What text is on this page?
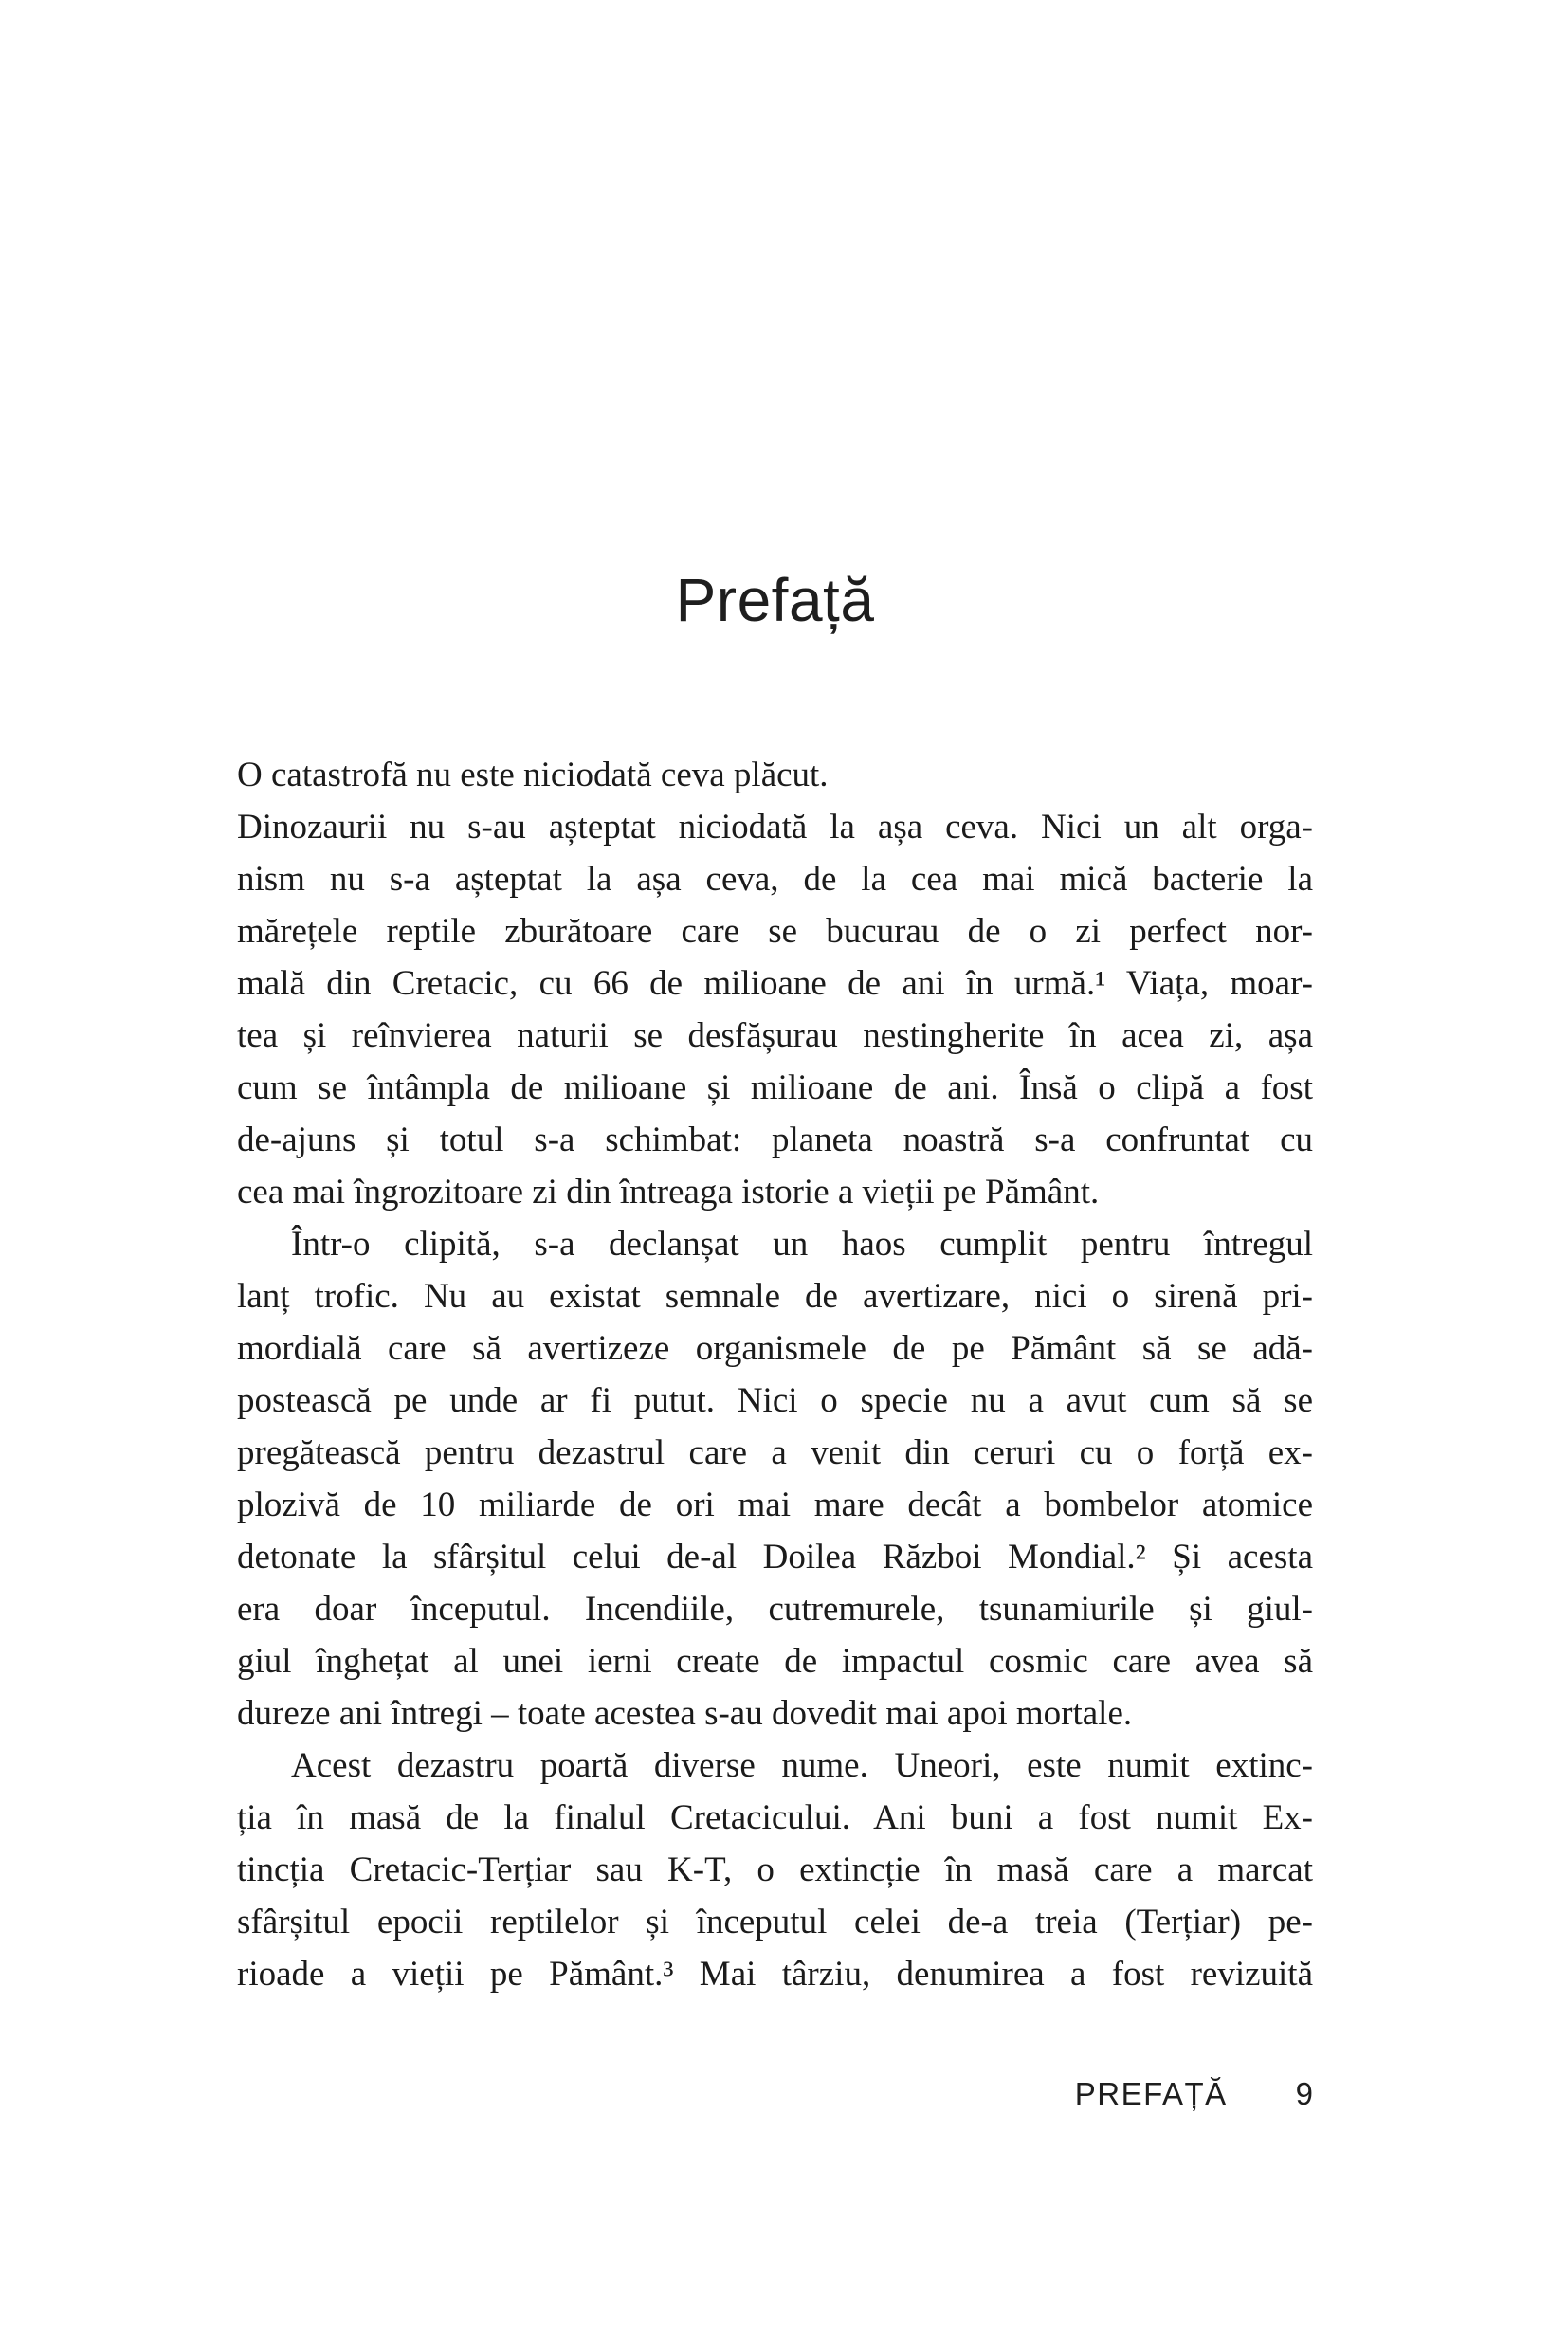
Prefață
O catastrofă nu este niciodată ceva plăcut.
Dinozaurii nu s-au așteptat niciodată la așa ceva. Nici un alt orga-
nism nu s-a așteptat la așa ceva, de la cea mai mică bacterie la
mărețele reptile zburătoare care se bucurau de o zi perfect nor-
mală din Cretacic, cu 66 de milioane de ani în urmă.¹ Viața, moar-
tea și reînvierea naturii se desfășurau nestingherite în acea zi, așa
cum se întâmpla de milioane și milioane de ani. Însă o clipă a fost
de-ajuns și totul s-a schimbat: planeta noastră s-a confruntat cu
cea mai îngrozitoare zi din întreaga istorie a vieții pe Pământ.
Într-o clipită, s-a declanșat un haos cumplit pentru întregul
lanț trofic. Nu au existat semnale de avertizare, nici o sirenă pri-
mordială care să avertizeze organismele de pe Pământ să se adă-
postească pe unde ar fi putut. Nici o specie nu a avut cum să se
pregătească pentru dezastrul care a venit din ceruri cu o forță ex-
plozivă de 10 miliarde de ori mai mare decât a bombelor atomice
detonate la sfârșitul celui de-al Doilea Război Mondial.² Și acesta
era doar începutul. Incendiile, cutremurele, tsunamiurile și giul-
giul înghețat al unei ierni create de impactul cosmic care avea să
dureze ani întregi – toate acestea s-au dovedit mai apoi mortale.
Acest dezastru poartă diverse nume. Uneori, este numit extinc-
ția în masă de la finalul Cretacicului. Ani buni a fost numit Ex-
tincția Cretacic-Terțiar sau K-T, o extincție în masă care a marcat
sfârșitul epocii reptilelor și începutul celei de-a treia (Terțiar) pe-
rioade a vieții pe Pământ.³ Mai târziu, denumirea a fost revizuită
PREFAȚĂ 9
